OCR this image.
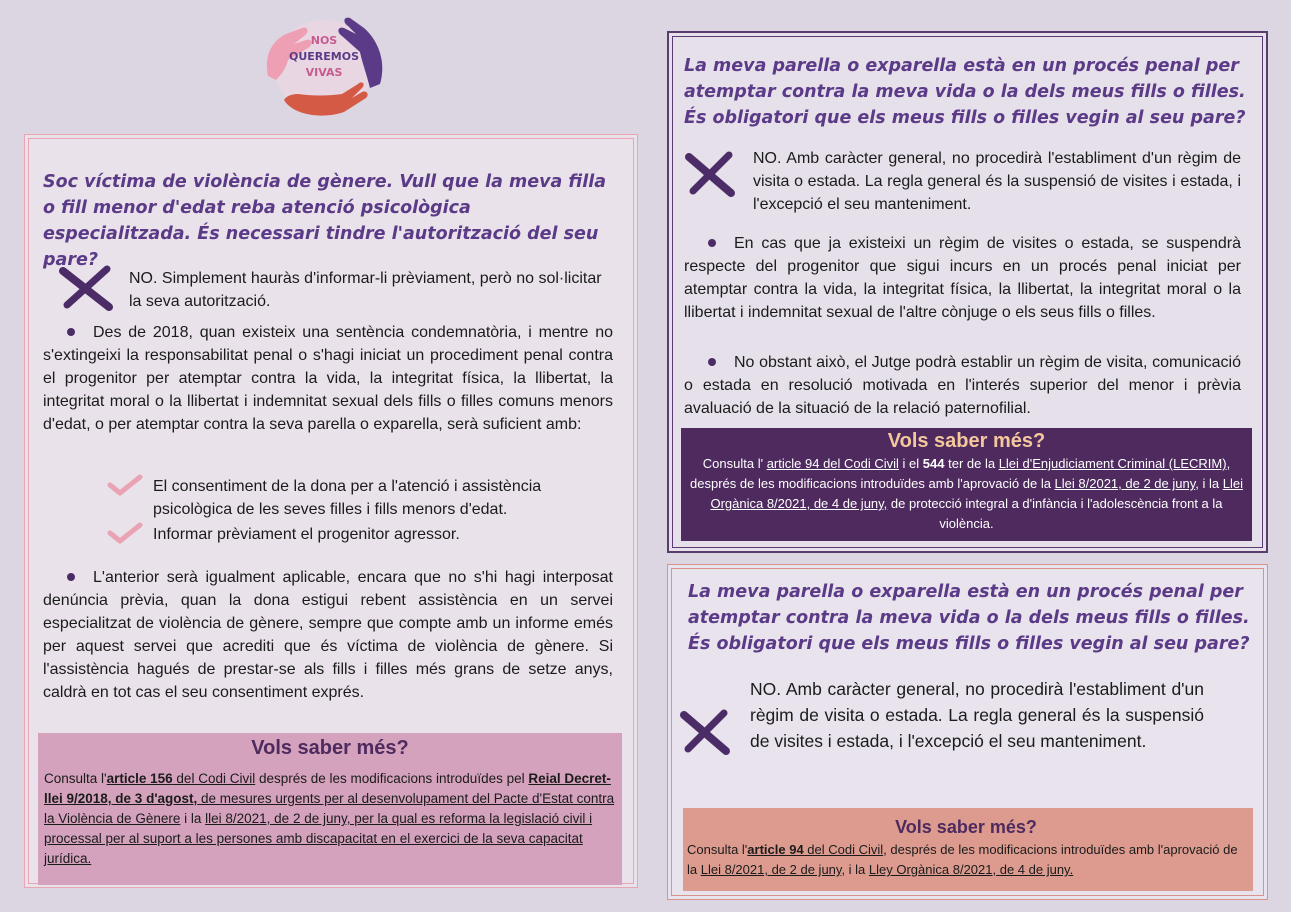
NOS
QUEREMOS
VIVAS

Soc víctima de violència de gènere. Vull que la meva filla o fill menor d'edat reba atenció psicològica especialitzada. És necessari tindre l'autorització del seu pare?

NO. Simplement hauràs d'informar-li prèviament, però no sol·licitar la seva autorització.

Des de 2018, quan existeix una sentència condemnatòria, i mentre no s'extingeixi la responsabilitat penal o s'hagi iniciat un procediment penal contra el progenitor per atemptar contra la vida, la integritat física, la llibertat, la integritat moral o la llibertat i indemnitat sexual dels fills o filles comuns menors d'edat, o per atemptar contra la seva parella o exparella, serà suficient amb:

El consentiment de la dona per a l'atenció i assistència psicològica de les seves filles i fills menors d'edat.
Informar prèviament el progenitor agressor.

L'anterior serà igualment aplicable, encara que no s'hi hagi interposat denúncia prèvia, quan la dona estigui rebent assistència en un servei especialitzat de violència de gènere, sempre que compte amb un informe emés per aquest servei que acrediti que és víctima de violència de gènere. Si l'assistència hagués de prestar-se als fills i filles més grans de setze anys, caldrà en tot cas el seu consentiment exprés.

Vols saber més?
Consulta l'article 156 del Codi Civil després de les modificacions introduïdes pel Reial Decret-llei 9/2018, de 3 d'agost, de mesures urgents per al desenvolupament del Pacte d'Estat contra la Violència de Gènere i la llei 8/2021, de 2 de juny, per la qual es reforma la legislació civil i processal per al suport a les persones amb discapacitat en el exercici de la seva capacitat jurídica.

La meva parella o exparella està en un procés penal per atemptar contra la meva vida o la dels meus fills o filles. És obligatori que els meus fills o filles vegin al seu pare?

NO. Amb caràcter general, no procedirà l'establiment d'un règim de visita o estada. La regla general és la suspensió de visites i estada, i l'excepció el seu manteniment.

En cas que ja existeixi un règim de visites o estada, se suspendrà respecte del progenitor que sigui incurs en un procés penal iniciat per atemptar contra la vida, la integritat física, la llibertat, la integritat moral o la llibertat i indemnitat sexual de l'altre cònjuge o els seus fills o filles.

No obstant això, el Jutge podrà establir un règim de visita, comunicació o estada en resolució motivada en l'interés superior del menor i prèvia avaluació de la situació de la relació paternofilial.

Vols saber més?
Consulta l' article 94 del Codi Civil i el 544 ter de la Llei d'Enjudiciament Criminal (LECRIM), després de les modificacions introduïdes amb l'aprovació de la Llei 8/2021, de 2 de juny, i la Llei Orgànica 8/2021, de 4 de juny, de protecció integral a d'infància i l'adolescència front a la violència.

La meva parella o exparella està en un procés penal per atemptar contra la meva vida o la dels meus fills o filles. És obligatori que els meus fills o filles vegin al seu pare?

NO. Amb caràcter general, no procedirà l'establiment d'un règim de visita o estada. La regla general és la suspensió de visites i estada, i l'excepció el seu manteniment.

Vols saber més?
Consulta l'article 94 del Codi Civil, després de les modificacions introduïdes amb l'aprovació de la Llei 8/2021, de 2 de juny, i la Lley Orgànica 8/2021, de 4 de juny.
